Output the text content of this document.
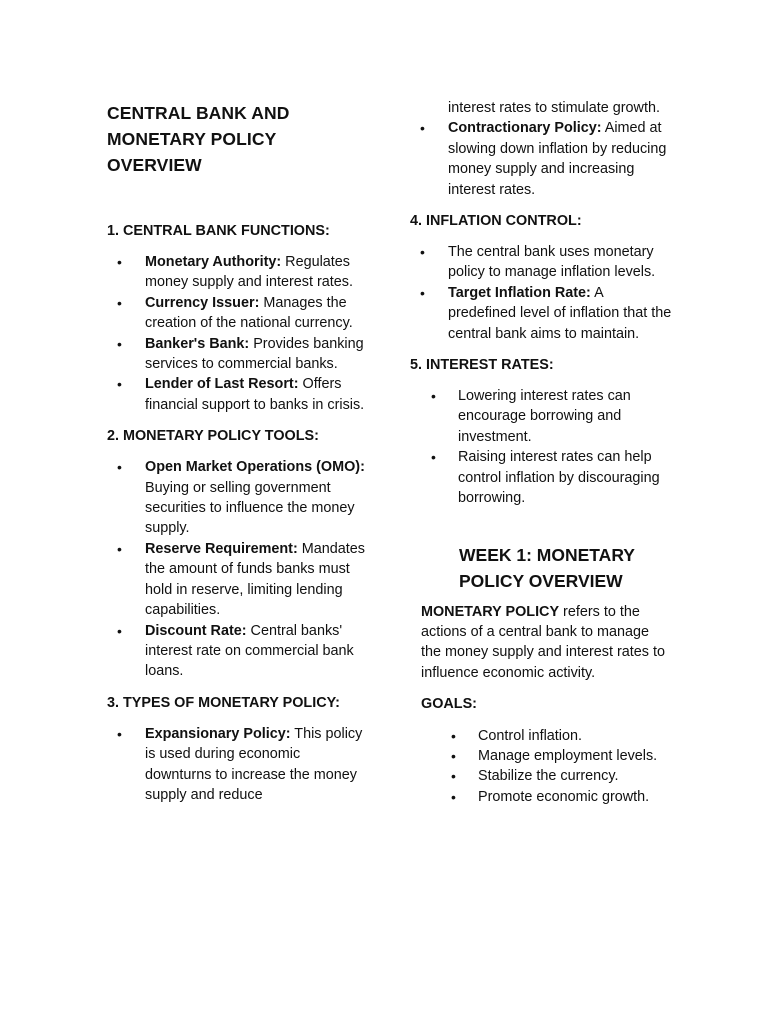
CENTRAL BANK AND MONETARY POLICY OVERVIEW
1. CENTRAL BANK FUNCTIONS:
• Monetary Authority: Regulates money supply and interest rates.
• Currency Issuer: Manages the creation of the national currency.
• Banker's Bank: Provides banking services to commercial banks.
• Lender of Last Resort: Offers financial support to banks in crisis.
2. MONETARY POLICY TOOLS:
• Open Market Operations (OMO): Buying or selling government securities to influence the money supply.
• Reserve Requirement: Mandates the amount of funds banks must hold in reserve, limiting lending capabilities.
• Discount Rate: Central banks' interest rate on commercial bank loans.
3. TYPES OF MONETARY POLICY:
• Expansionary Policy: This policy is used during economic downturns to increase the money supply and reduce
interest rates to stimulate growth.
• Contractionary Policy: Aimed at slowing down inflation by reducing money supply and increasing interest rates.
4. INFLATION CONTROL:
• The central bank uses monetary policy to manage inflation levels.
• Target Inflation Rate: A predefined level of inflation that the central bank aims to maintain.
5. INTEREST RATES:
• Lowering interest rates can encourage borrowing and investment.
• Raising interest rates can help control inflation by discouraging borrowing.
WEEK 1: MONETARY POLICY OVERVIEW

MONETARY POLICY refers to the actions of a central bank to manage the money supply and interest rates to influence economic activity.

GOALS:
• Control inflation.
• Manage employment levels.
• Stabilize the currency.
• Promote economic growth.
